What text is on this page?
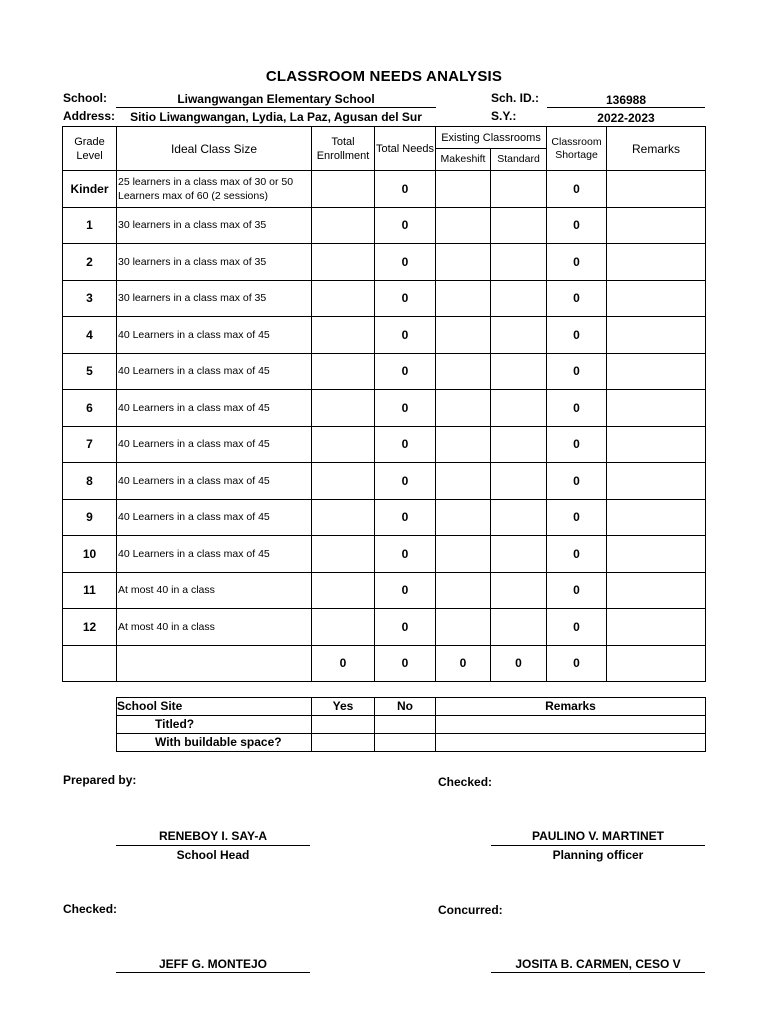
CLASSROOM NEEDS ANALYSIS
School:	Liwangwangan Elementary School
Address:	Sitio Liwangwangan, Lydia, La Paz, Agusan del Sur
Sch. ID.:	136988
S.Y.:	2022-2023
Grade Level	Ideal Class Size	Total Enrollment	Total Needs	Existing Classrooms		Classroom Shortage	Remarks
				Makeshift	Standard		
Kinder	25 learners in a class max of 30 or 50 Learners max of 60 (2 sessions)		0			0	
1	30 learners in a class max of 35		0			0	
2	30 learners in a class max of 35		0			0	
3	30 learners in a class max of 35		0			0	
4	40 Learners in a class max of 45		0			0	
5	40 Learners in a class max of 45		0			0	
6	40 Learners in a class max of 45		0			0	
7	40 Learners in a class max of 45		0			0	
8	40 Learners in a class max of 45		0			0	
9	40 Learners in a class max of 45		0			0	
10	40 Learners in a class max of 45		0			0	
11	At most 40 in a class		0			0	
12	At most 40 in a class		0			0	
		0	0	0	0	0	
School Site	Yes	No	Remarks
Titled?			
With buildable space?			
Prepared by:	Checked:
RENEBOY I. SAY-A
School Head
PAULINO V. MARTINET
Planning officer
Checked:	Concurred:
JEFF G. MONTEJO	JOSITA B. CARMEN, CESO V
